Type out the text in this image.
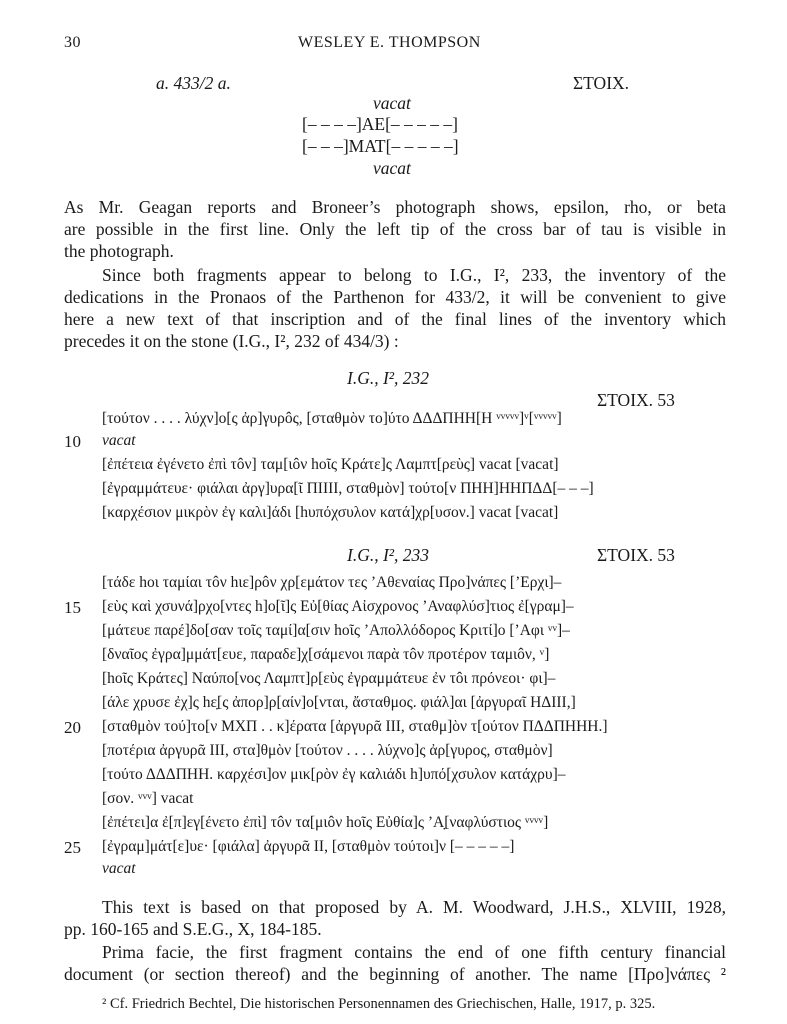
30	WESLEY E. THOMPSON
a. 433/2 a.	ΣΤΟΙΧ.
vacat
[– – – –]ΑΕ[– – – – –]
[– – –]ΜΑΤ[– – – – –]
vacat
As Mr. Geagan reports and Broneer’s photograph shows, epsilon, rho, or beta
are possible in the first line. Only the left tip of the cross bar of tau is visible in
the photograph.
Since both fragments appear to belong to I.G., I², 233, the inventory of the
dedications in the Pronaos of the Parthenon for 433/2, it will be convenient to give
here a new text of that inscription and of the final lines of the inventory which
precedes it on the stone (I.G., I², 232 of 434/3) :
I.G., I², 232
ΣΤΟΙΧ. 53
[τούτον . . . . λύχν]ο[ς ἀρ]γυρôς, [σταθμὸν το]ύτο ΔΔΔΠΗΗ[Η ᵛᵛᵛᵛᵛ]ᵛ[ᵛᵛᵛᵛᵛ]
10 vacat
[ἐπέτεια ἐγένετο ἐπὶ τôν] ταμ[ιôν hοῖς Κράτε]ς Λαμπτ[ρεὺς] vacat [vacat]
[ἐγραμμάτευε· φιάλαι ἀργ]υρα[ῖ ΠΙΙΙΙ, σταθμὸν] τούτο[ν ΠΗΗ]ΗΗΠΔΔ[– – –]
[καρχέσιον μικρὸν ἐγ καλι]άδι [hυπόχσυλον κατά]χρ[υσον.] vacat [vacat]
I.G., I², 233	ΣΤΟΙΧ. 53
[τάδε hοι ταμίαι τôν hιε]ρôν χρ[εμάτον τες ’Αθεναίας Προ]νάπες [’Ερχι]–
15 [εὺς καὶ χσυνά]ρχο[ντες h]ο[ῖ]ς Εὐ[θίας Αἰσχρονος ’Αναφλύσ]τιος ἐ[γραμ]–
[μάτευε παρέ]δο[σαν τοῖς ταμί]α[σιν hοῖς ’Απολλόδορος Κριτί]ο [’Αφι ᵛᵛ]–
[δναῖος ἐγρα]μμάτ[ευε, παραδε]χ[σάμενοι παρὰ τôν προτέρον ταμιôν, ᵛ]
[hοῖς Κράτες] Ναύπο[νος Λαμπτ]ρ[εὺς ἐγραμμάτευε ἐν τôι πρόνεοι· φι]–
[άλε χρυσε ἐχ]ς hε̣[ς ἀπορ]ρ[αίν]ο[νται, ἄσταθμος. φιάλ]αι [ἀργυραῖ ΗΔΙΙΙ,]
20 [σταθμὸν τού]το[ν ΜΧΠ . . κ]έρατα [ἀργυρᾶ ΙΙΙ, σταθμ]ὸν τ[ούτον ΠΔΔΠΗΗΗ.]
[ποτέρια ἀργυρᾶ ΙΙΙ, στα]θμὸν [τούτον . . . . λύχνο]ς ἀρ[γυρος, σταθμὸν]
[τούτο ΔΔΔΠΗΗ. καρχέσι]ον μικ[ρὸν ἐγ καλιάδι h]υπό[χσυλον κατάχρυ]–
[σον. ᵛᵛᵛ] vacat
[ἐπέτει]α ἐ[π]εγ[ένετο ἐπὶ] τôν τα[μιôν hοῖς Εὐθία]ς ’Α̣[ναφλύστιος ᵛᵛᵛᵛ]
25 [ἐγραμ]μάτ[ε]υε· [φιάλα] ἀργυρᾶ ΙΙ, [σταθμὸν τούτοι]ν [– – – – –]
vacat
This text is based on that proposed by A. M. Woodward, J.H.S., XLVIII, 1928,
pp. 160-165 and S.E.G., X, 184-185.
Prima facie, the first fragment contains the end of one fifth century financial
document (or section thereof) and the beginning of another. The name [Προ]νάπες ²
² Cf. Friedrich Bechtel, Die historischen Personennamen des Griechischen, Halle, 1917, p. 325.
